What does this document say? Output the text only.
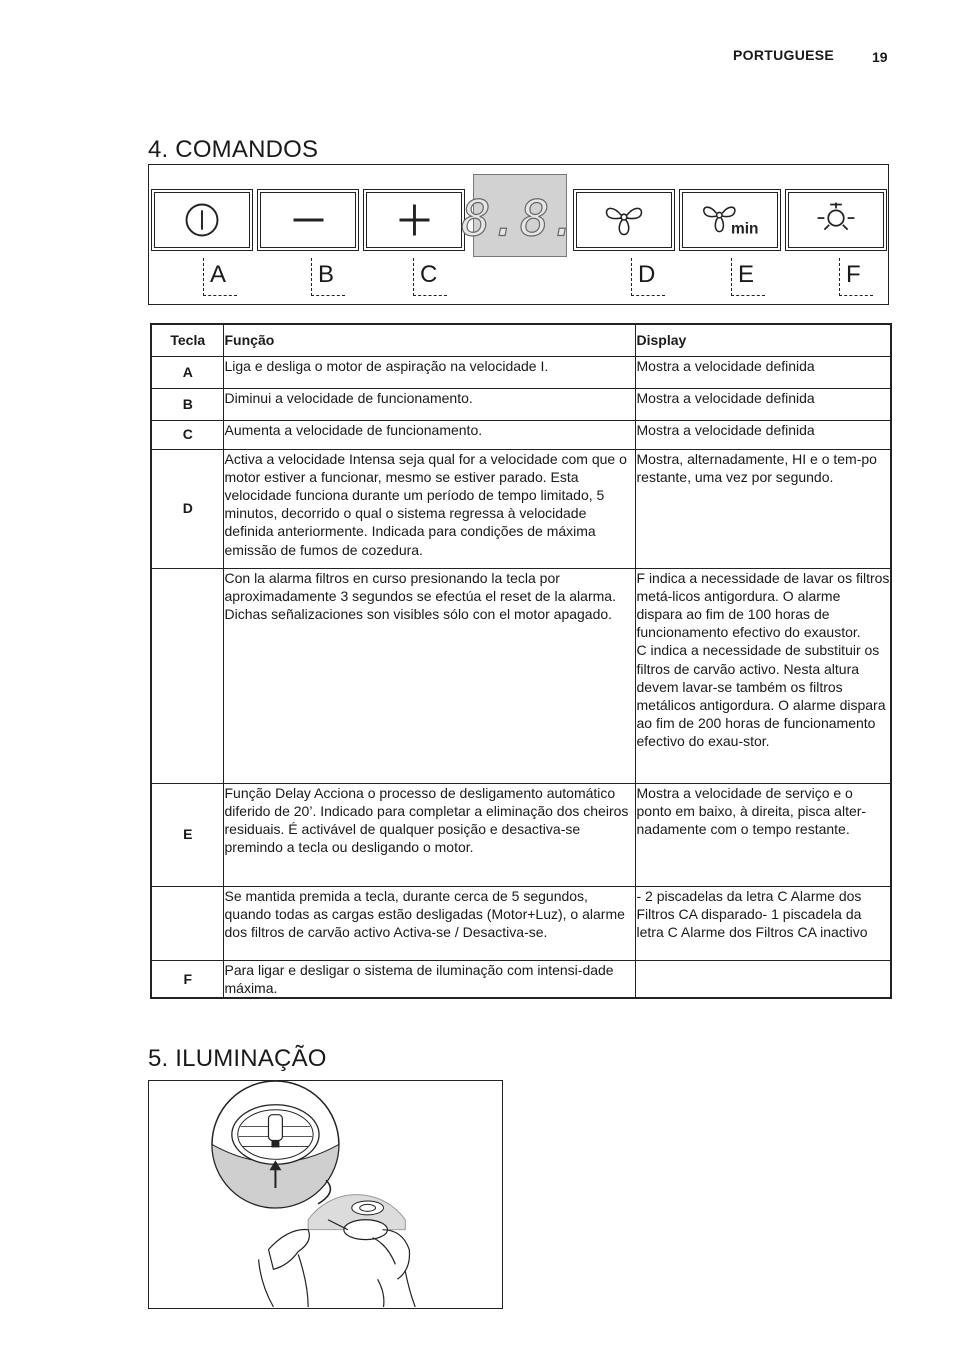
PORTUGUESE	19
4. COMANDOS
8.8.	min
A	B	C	D	E	F
Tecla	Função	Display
A	Liga e desliga o motor de aspiração na velocidade I.	Mostra a velocidade definida
B	Diminui a velocidade de funcionamento.	Mostra a velocidade definida
C	Aumenta a velocidade de funcionamento.	Mostra a velocidade definida
D	Activa a velocidade Intensa seja qual for a velocidade com que o motor estiver a funcionar, mesmo se estiver parado. Esta velocidade funciona durante um período de tempo limitado, 5 minutos, decorrido o qual o sistema regressa à velocidade definida anteriormente. Indicada para condições de máxima emissão de fumos de cozedura.	Mostra, alternadamente, HI e o tem-po restante, uma vez por segundo.
	Con la alarma filtros en curso presionando la tecla por aproximadamente 3 segundos se efectúa el reset de la alarma. Dichas señalizaciones son visibles sólo con el motor apagado.	F indica a necessidade de lavar os filtros metá-licos antigordura. O alarme dispara ao fim de 100 horas de funcionamento efectivo do exaustor.
C indica a necessidade de substituir os filtros de carvão activo. Nesta altura devem lavar-se também os filtros metálicos antigordura. O alarme dispara ao fim de 200 horas de funcionamento efectivo do exau-stor.

E	Função Delay Acciona o processo de desligamento automático diferido de 20’. Indicado para completar a eliminação dos cheiros residuais. É activável de qualquer posição e desactiva-se premindo a tecla ou desligando o motor.	Mostra a velocidade de serviço e o ponto em baixo, à direita, pisca alter-nadamente com o tempo restante.
	Se mantida premida a tecla, durante cerca de 5 segundos, quando todas as cargas estão desligadas (Motor+Luz), o alarme dos filtros de carvão activo Activa-se / Desactiva-se.	- 2 piscadelas da letra C Alarme dos Filtros CA disparado- 1 piscadela da letra C Alarme dos Filtros CA inactivo
F	Para ligar e desligar o sistema de iluminação com intensi-dade máxima.	
5. ILUMINAÇÃO
